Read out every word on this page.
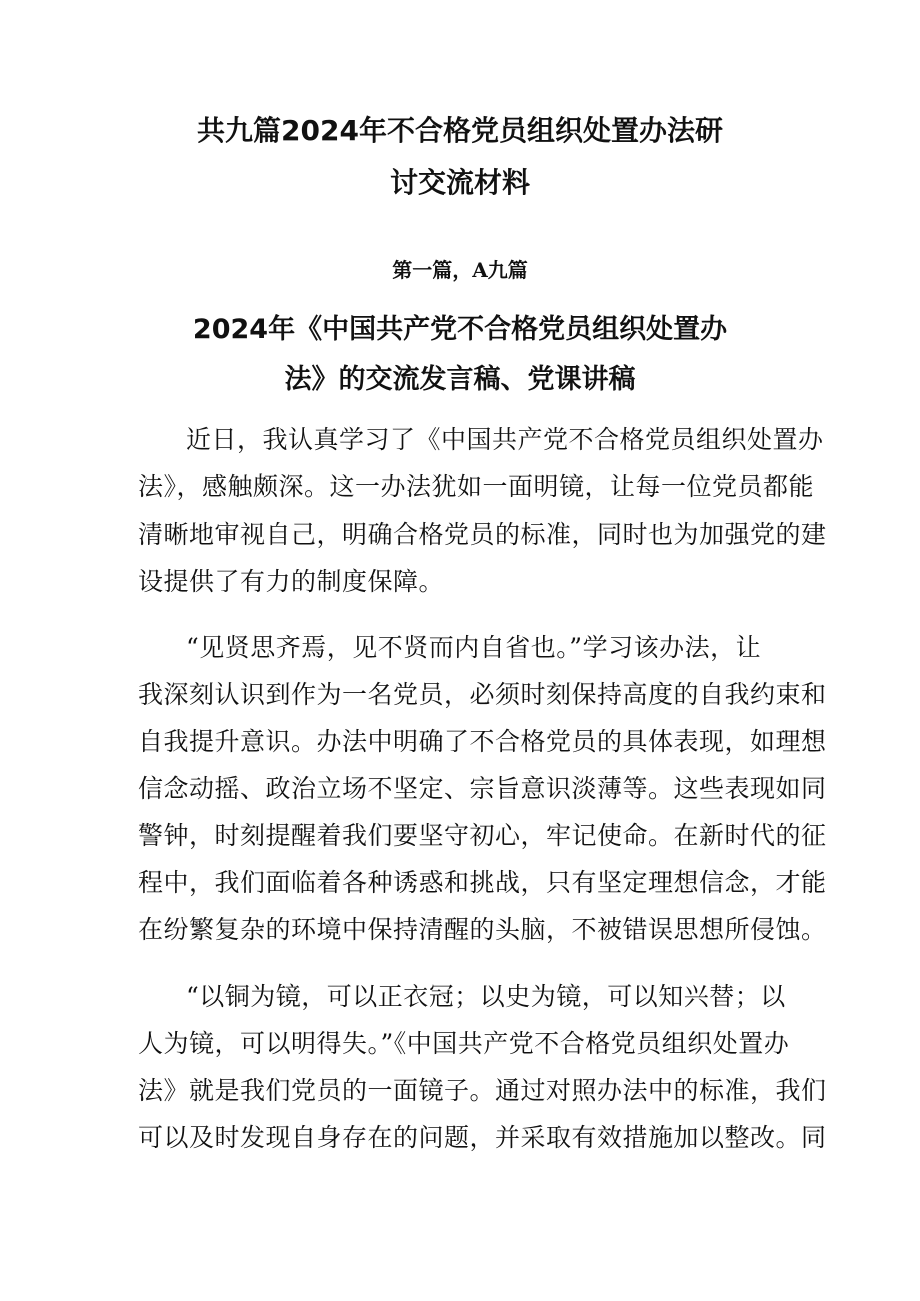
共九篇2024年不合格党员组织处置办法研
讨交流材料
第一篇，A九篇
2024年《中国共产党不合格党员组织处置办
法》的交流发言稿、党课讲稿
近日，我认真学习了《中国共产党不合格党员组织处置办
法》，感触颇深。这一办法犹如一面明镜，让每一位党员都能
清晰地审视自己，明确合格党员的标准，同时也为加强党的建
设提供了有力的制度保障。
“见贤思齐焉，见不贤而内自省也。”学习该办法，让
我深刻认识到作为一名党员，必须时刻保持高度的自我约束和
自我提升意识。办法中明确了不合格党员的具体表现，如理想
信念动摇、政治立场不坚定、宗旨意识淡薄等。这些表现如同
警钟，时刻提醒着我们要坚守初心，牢记使命。在新时代的征
程中，我们面临着各种诱惑和挑战，只有坚定理想信念，才能
在纷繁复杂的环境中保持清醒的头脑，不被错误思想所侵蚀。
“以铜为镜，可以正衣冠；以史为镜，可以知兴替；以
人为镜，可以明得失。”《中国共产党不合格党员组织处置办
法》就是我们党员的一面镜子。通过对照办法中的标准，我们
可以及时发现自身存在的问题，并采取有效措施加以整改。同
